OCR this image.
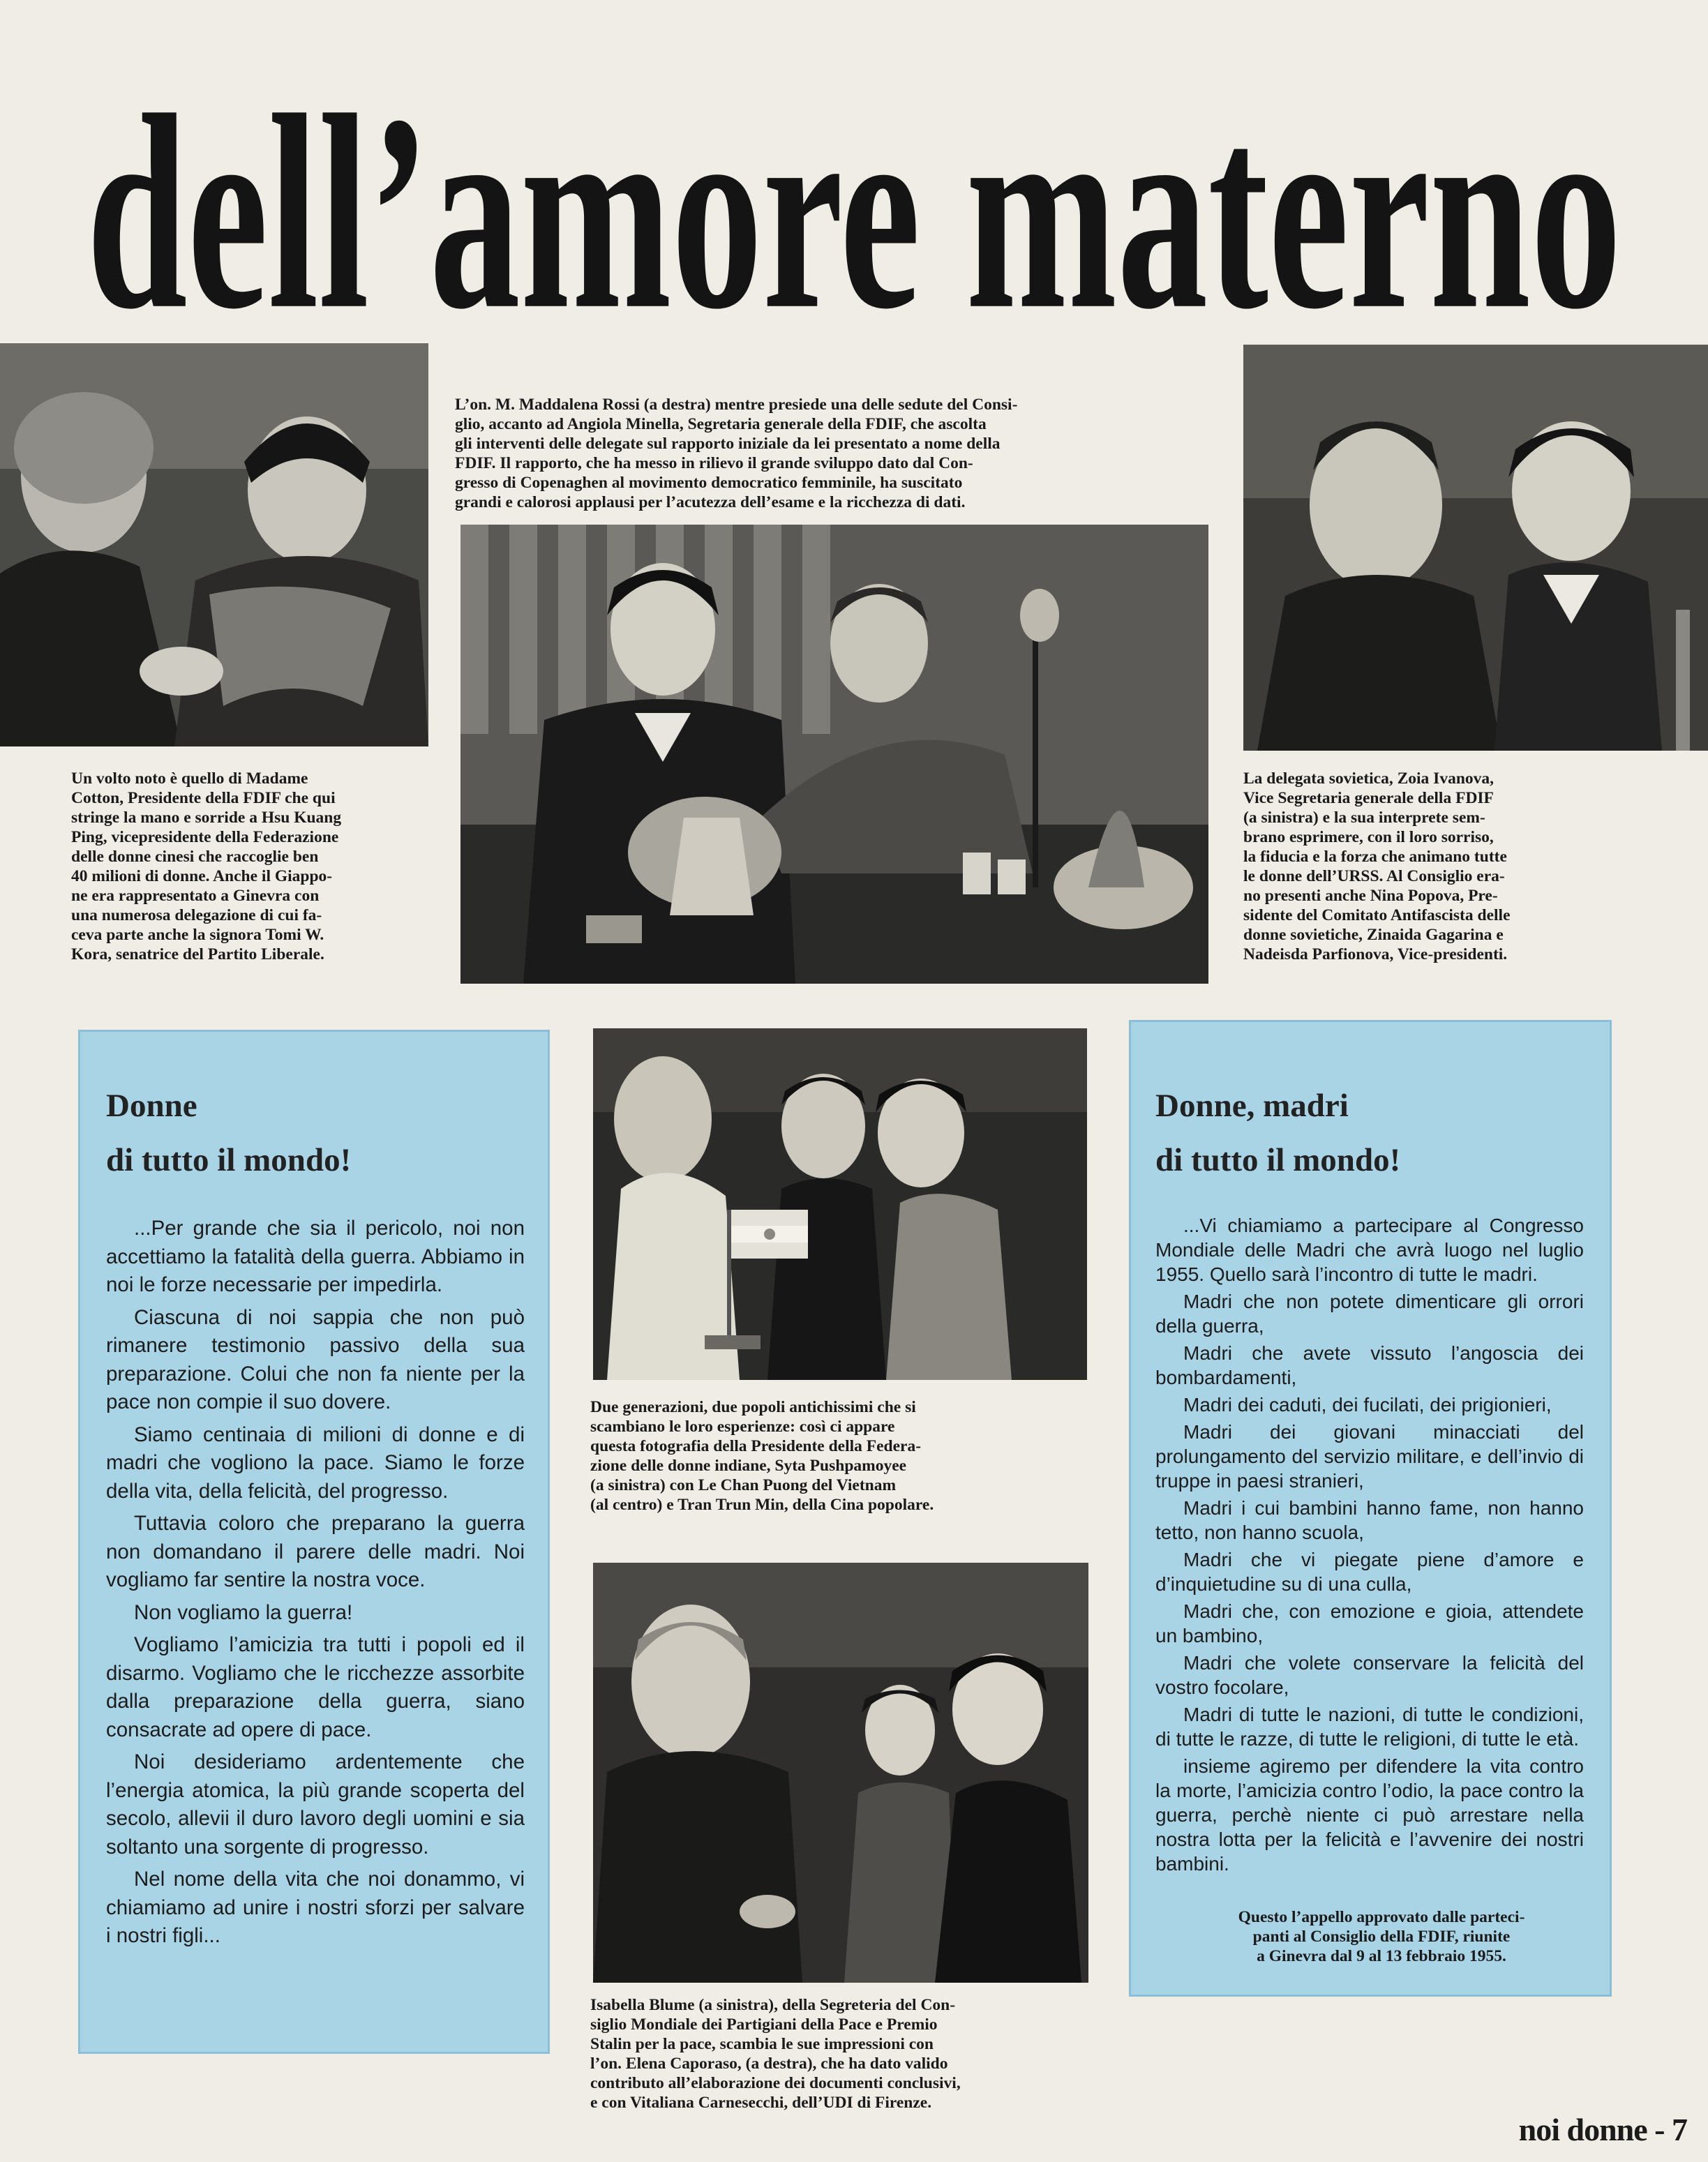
dell’amore materno
L’on. M. Maddalena Rossi (a destra) mentre presiede una delle sedute del Consi-
glio, accanto ad Angiola Minella, Segretaria generale della FDIF, che ascolta
gli interventi delle delegate sul rapporto iniziale da lei presentato a nome della
FDIF. Il rapporto, che ha messo in rilievo il grande sviluppo dato dal Con-
gresso di Copenaghen al movimento democratico femminile, ha suscitato
grandi e calorosi applausi per l’acutezza dell’esame e la ricchezza di dati.
Un volto noto è quello di Madame
Cotton, Presidente della FDIF che qui
stringe la mano e sorride a Hsu Kuang
Ping, vicepresidente della Federazione
delle donne cinesi che raccoglie ben
40 milioni di donne. Anche il Giappo-
ne era rappresentato a Ginevra con
una numerosa delegazione di cui fa-
ceva parte anche la signora Tomi W.
Kora, senatrice del Partito Liberale.
La delegata sovietica, Zoia Ivanova,
Vice Segretaria generale della FDIF
(a sinistra) e la sua interprete sem-
brano esprimere, con il loro sorriso,
la fiducia e la forza che animano tutte
le donne dell’URSS. Al Consiglio era-
no presenti anche Nina Popova, Pre-
sidente del Comitato Antifascista delle
donne sovietiche, Zinaida Gagarina e
Nadeisda Parfionova, Vice-presidenti.
Donne
di tutto il mondo!

...Per grande che sia il pericolo, noi non accettiamo la fatalità della guerra. Abbiamo in noi le forze necessarie per impedirla.

Ciascuna di noi sappia che non può rimanere testimonio passivo della sua preparazione. Colui che non fa niente per la pace non compie il suo dovere.

Siamo centinaia di milioni di donne e di madri che vogliono la pace. Siamo le forze della vita, della felicità, del progresso.

Tuttavia coloro che preparano la guerra non domandano il parere delle madri. Noi vogliamo far sentire la nostra voce.

Non vogliamo la guerra!

Vogliamo l’amicizia tra tutti i popoli ed il disarmo. Vogliamo che le ricchezze assorbite dalla preparazione della guerra, siano consacrate ad opere di pace.

Noi desideriamo ardentemente che l’energia atomica, la più grande scoperta del secolo, allevii il duro lavoro degli uomini e sia soltanto una sorgente di progresso.

Nel nome della vita che noi donammo, vi chiamiamo ad unire i nostri sforzi per salvare i nostri figli...

Due generazioni, due popoli antichissimi che si
scambiano le loro esperienze: così ci appare
questa fotografia della Presidente della Federa-
zione delle donne indiane, Syta Pushpamoyee
(a sinistra) con Le Chan Puong del Vietnam
(al centro) e Tran Trun Min, della Cina popolare.
Isabella Blume (a sinistra), della Segreteria del Con-
siglio Mondiale dei Partigiani della Pace e Premio
Stalin per la pace, scambia le sue impressioni con
l’on. Elena Caporaso, (a destra), che ha dato valido
contributo all’elaborazione dei documenti conclusivi,
e con Vitaliana Carnesecchi, dell’UDI di Firenze.
Donne, madri
di tutto il mondo!

...Vi chiamiamo a partecipare al Congresso Mondiale delle Madri che avrà luogo nel luglio 1955. Quello sarà l’incontro di tutte le madri.

Madri che non potete dimenticare gli orrori della guerra,

Madri che avete vissuto l’angoscia dei bombardamenti,

Madri dei caduti, dei fucilati, dei prigionieri,

Madri dei giovani minacciati del prolungamento del servizio militare, e dell’invio di truppe in paesi stranieri,

Madri i cui bambini hanno fame, non hanno tetto, non hanno scuola,

Madri che vi piegate piene d’amore e d’inquietudine su di una culla,

Madri che, con emozione e gioia, attendete un bambino,

Madri che volete conservare la felicità del vostro focolare,

Madri di tutte le nazioni, di tutte le condizioni, di tutte le razze, di tutte le religioni, di tutte le età.

insieme agiremo per difendere la vita contro la morte, l’amicizia contro l’odio, la pace contro la guerra, perchè niente ci può arrestare nella nostra lotta per la felicità e l’avvenire dei nostri bambini.

Questo l’appello approvato dalle parteci-
panti al Consiglio della FDIF, riunite
a Ginevra dal 9 al 13 febbraio 1955.
noi donne - 7
